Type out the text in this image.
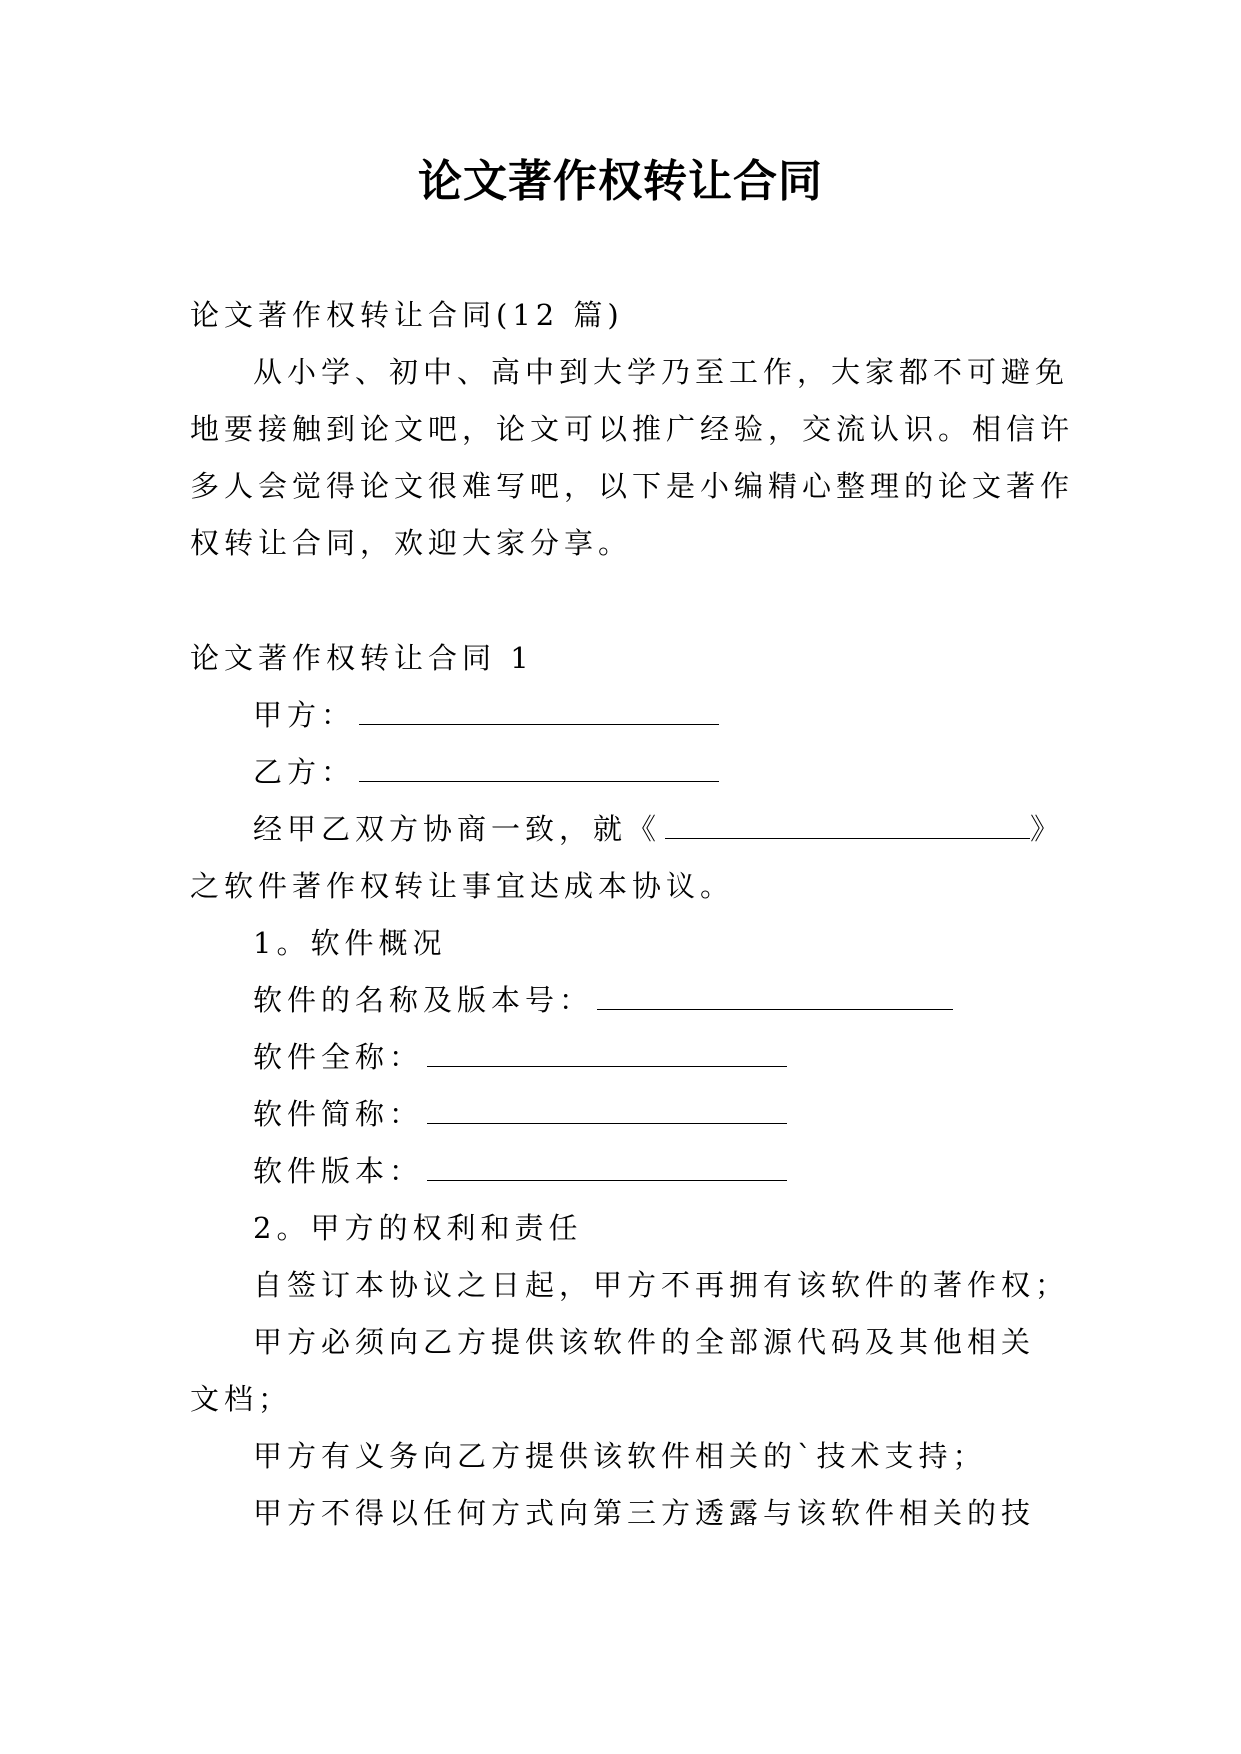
论文著作权转让合同
论文著作权转让合同(12 篇)
从小学、初中、高中到大学乃至工作，大家都不可避免
地要接触到论文吧，论文可以推广经验，交流认识。相信许
多人会觉得论文很难写吧，以下是小编精心整理的论文著作
权转让合同，欢迎大家分享。
论文著作权转让合同 1
甲方：
乙方：
经甲乙双方协商一致，就《	》
之软件著作权转让事宜达成本协议。
1。软件概况
软件的名称及版本号：
软件全称：
软件简称：
软件版本：
2。甲方的权利和责任
自签订本协议之日起，甲方不再拥有该软件的著作权；
甲方必须向乙方提供该软件的全部源代码及其他相关
文档；
甲方有义务向乙方提供该软件相关的`技术支持；
甲方不得以任何方式向第三方透露与该软件相关的技
